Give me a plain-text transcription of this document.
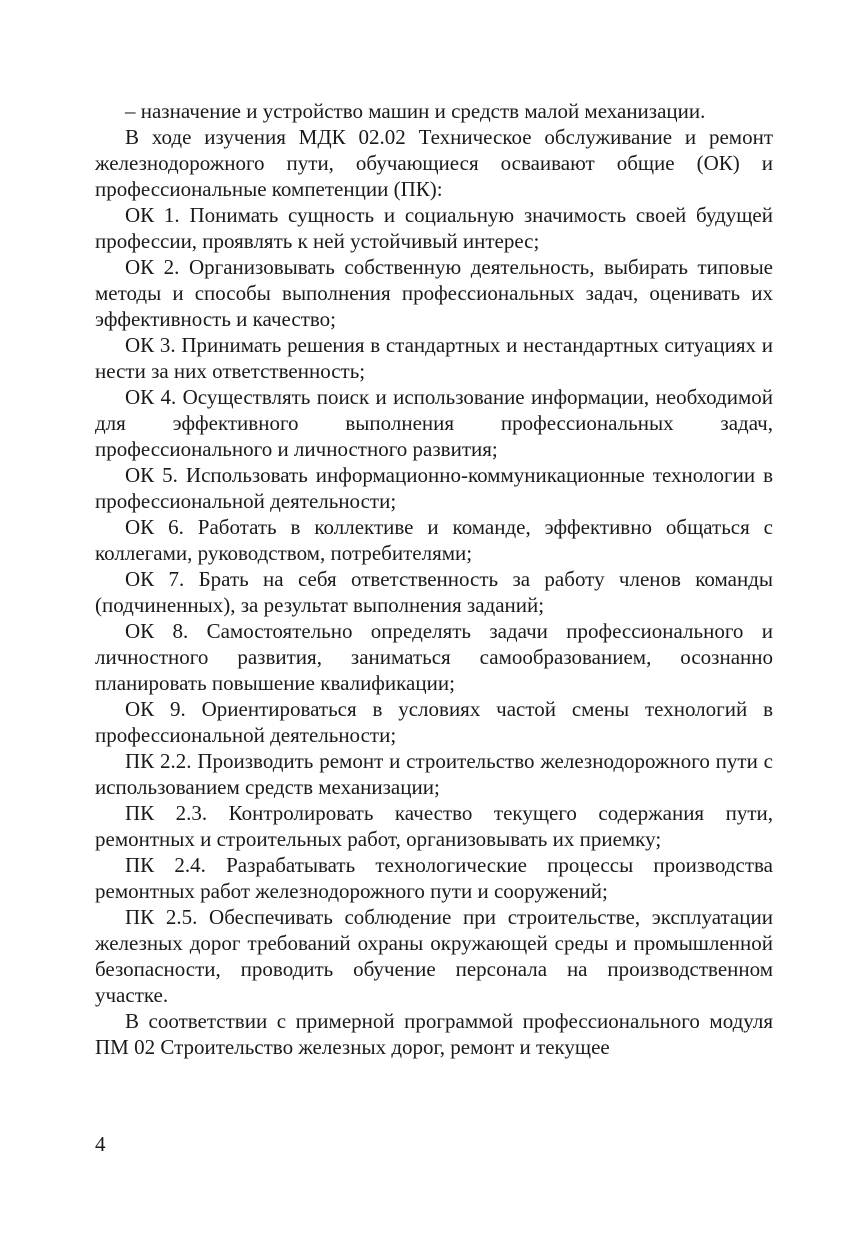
– назначение и устройство машин и средств малой механизации.

В ходе изучения МДК 02.02 Техническое обслуживание и ремонт железнодорожного пути, обучающиеся осваивают общие (ОК) и профессиональные компетенции (ПК):

ОК 1. Понимать сущность и социальную значимость своей будущей профессии, проявлять к ней устойчивый интерес;

ОК 2. Организовывать собственную деятельность, выбирать типовые методы и способы выполнения профессиональных задач, оценивать их эффективность и качество;

ОК 3. Принимать решения в стандартных и нестандартных ситуациях и нести за них ответственность;

ОК 4. Осуществлять поиск и использование информации, необходимой для эффективного выполнения профессиональных задач, профессионального и личностного развития;

ОК 5. Использовать информационно-коммуникационные технологии в профессиональной деятельности;

ОК 6. Работать в коллективе и команде, эффективно общаться с коллегами, руководством, потребителями;

ОК 7. Брать на себя ответственность за работу членов команды (подчиненных), за результат выполнения заданий;

ОК 8. Самостоятельно определять задачи профессионального и личностного развития, заниматься самообразованием, осознанно планировать повышение квалификации;

ОК 9. Ориентироваться в условиях частой смены технологий в профессиональной деятельности;

ПК 2.2. Производить ремонт и строительство железнодорожного пути с использованием средств механизации;

ПК 2.3. Контролировать качество текущего содержания пути, ремонтных и строительных работ, организовывать их приемку;

ПК 2.4. Разрабатывать технологические процессы производства ремонтных работ железнодорожного пути и сооружений;

ПК 2.5. Обеспечивать соблюдение при строительстве, эксплуатации железных дорог требований охраны окружающей среды и промышленной безопасности, проводить обучение персонала на производственном участке.

В соответствии с примерной программой профессионального модуля ПМ 02 Строительство железных дорог, ремонт и текущее

4
